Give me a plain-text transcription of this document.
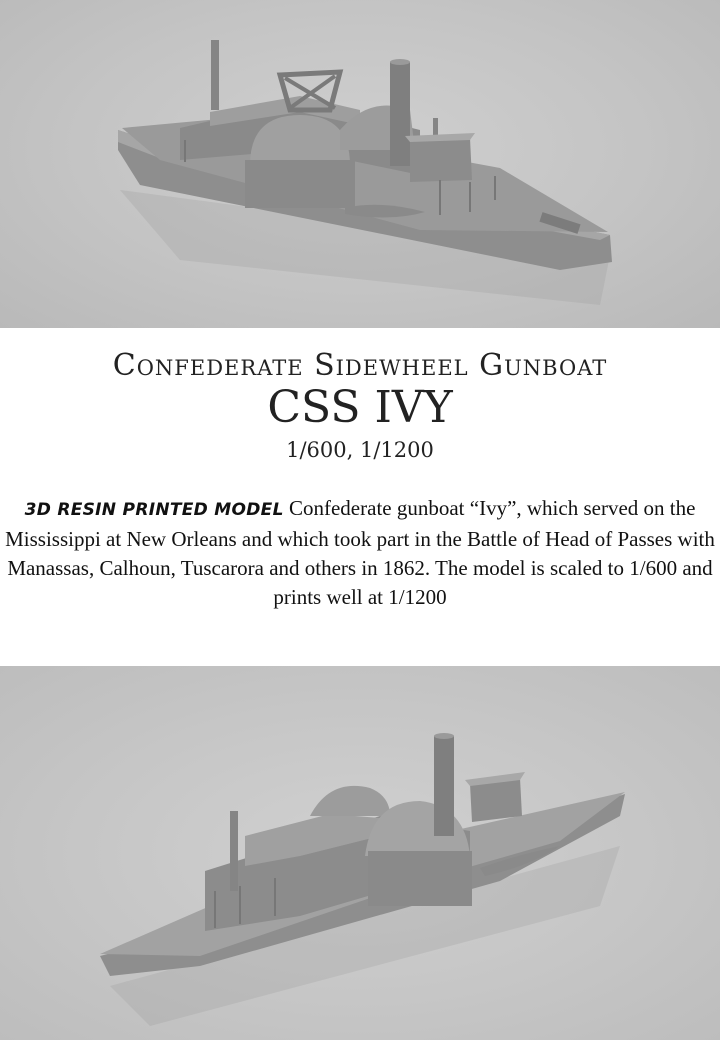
Confederate Sidewheel Gunboat
CSS IVY
1/600, 1/1200
3D RESIN PRINTED MODEL Confederate gunboat “Ivy”, which served on the Mississippi at New Orleans and which took part in the Battle of Head of Passes with Manassas, Calhoun, Tuscarora and others in 1862. The model is scaled to 1/600 and prints well at 1/1200
